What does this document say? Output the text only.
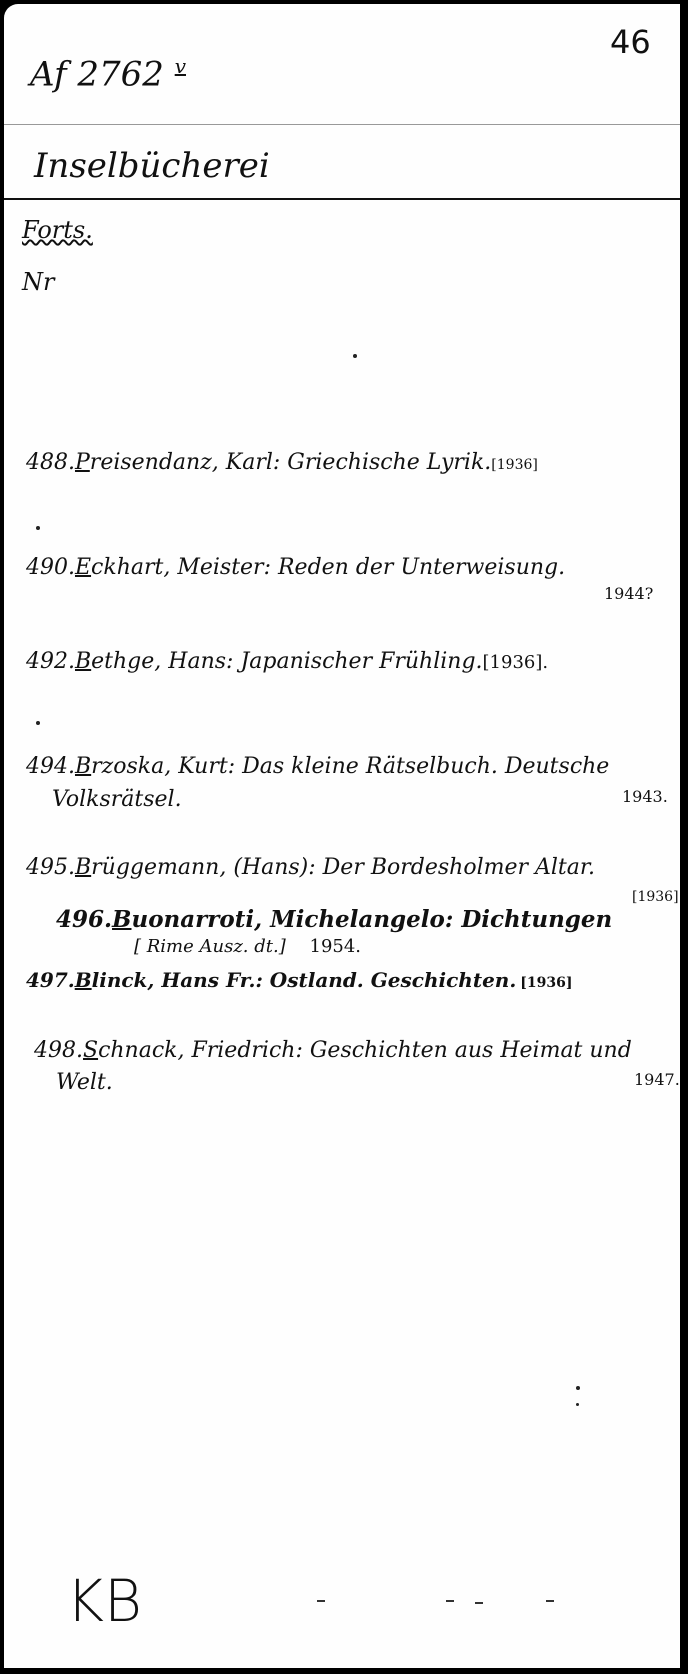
Af 2762 $^v$
46
Inselbücherei
Forts.
Nr
488.Preisendanz, Karl: Griechische Lyrik.[1936]
490.Eckhart, Meister: Reden der Unterweisung.
1944?
492.Bethge, Hans: Japanischer Frühling.[1936].
494.Brzoska, Kurt: Das kleine Rätselbuch. Deutsche
Volksrätsel.	1943.
495.Brüggemann, (Hans): Der Bordesholmer Altar.
[1936]
496.Buonarroti, Michelangelo: Dichtungen
[ Rime Ausz. dt.] 1954.
497.Blinck, Hans Fr.: Ostland. Geschichten. [1936]
498.Schnack, Friedrich: Geschichten aus Heimat und
Welt.	1947.
KB
